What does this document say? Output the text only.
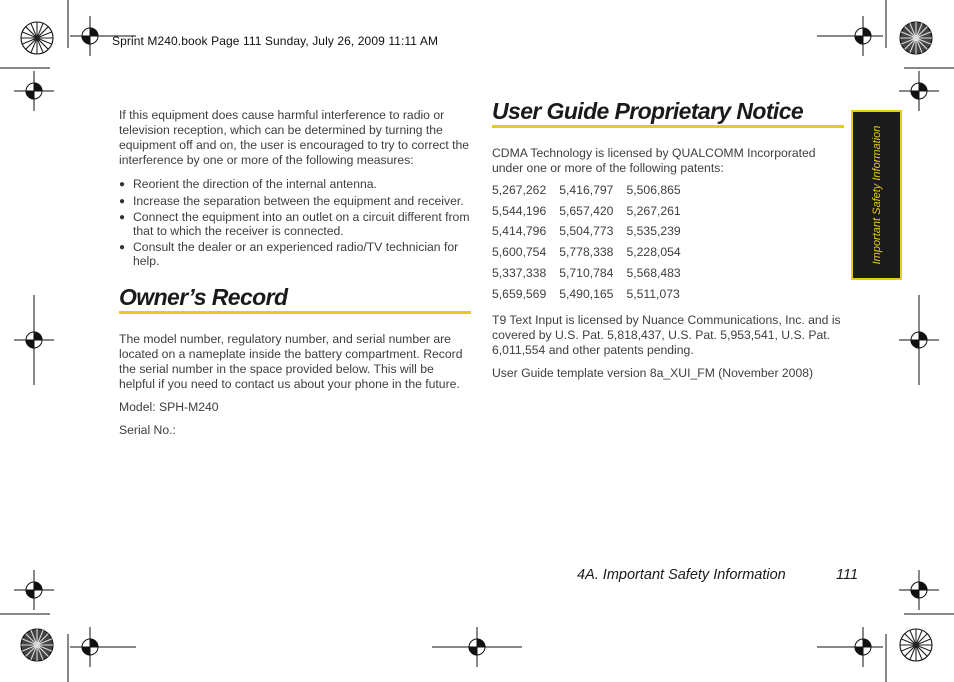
Sprint M240.book Page 111 Sunday, July 26, 2009 11:11 AM

If this equipment does cause harmful interference to radio or television reception, which can be determined by turning the equipment off and on, the user is encouraged to try to correct the interference by one or more of the following measures:

● Reorient the direction of the internal antenna.
● Increase the separation between the equipment and receiver.
● Connect the equipment into an outlet on a circuit different from that to which the receiver is connected.
● Consult the dealer or an experienced radio/TV technician for help.
Owner’s Record

The model number, regulatory number, and serial number are located on a nameplate inside the battery compartment. Record the serial number in the space provided below. This will be helpful if you need to contact us about your phone in the future.

Model: SPH-M240

Serial No.:

User Guide Proprietary Notice

CDMA Technology is licensed by QUALCOMM Incorporated under one or more of the following patents:

5,267,262	5,416,797	5,506,865
5,544,196	5,657,420	5,267,261
5,414,796	5,504,773	5,535,239
5,600,754	5,778,338	5,228,054
5,337,338	5,710,784	5,568,483
5,659,569	5,490,165	5,511,073

T9 Text Input is licensed by Nuance Communications, Inc. and is covered by U.S. Pat. 5,818,437, U.S. Pat. 5,953,541, U.S. Pat. 6,011,554 and other patents pending.

User Guide template version 8a_XUI_FM (November 2008)

Important Safety Information
4A. Important Safety Information	111
